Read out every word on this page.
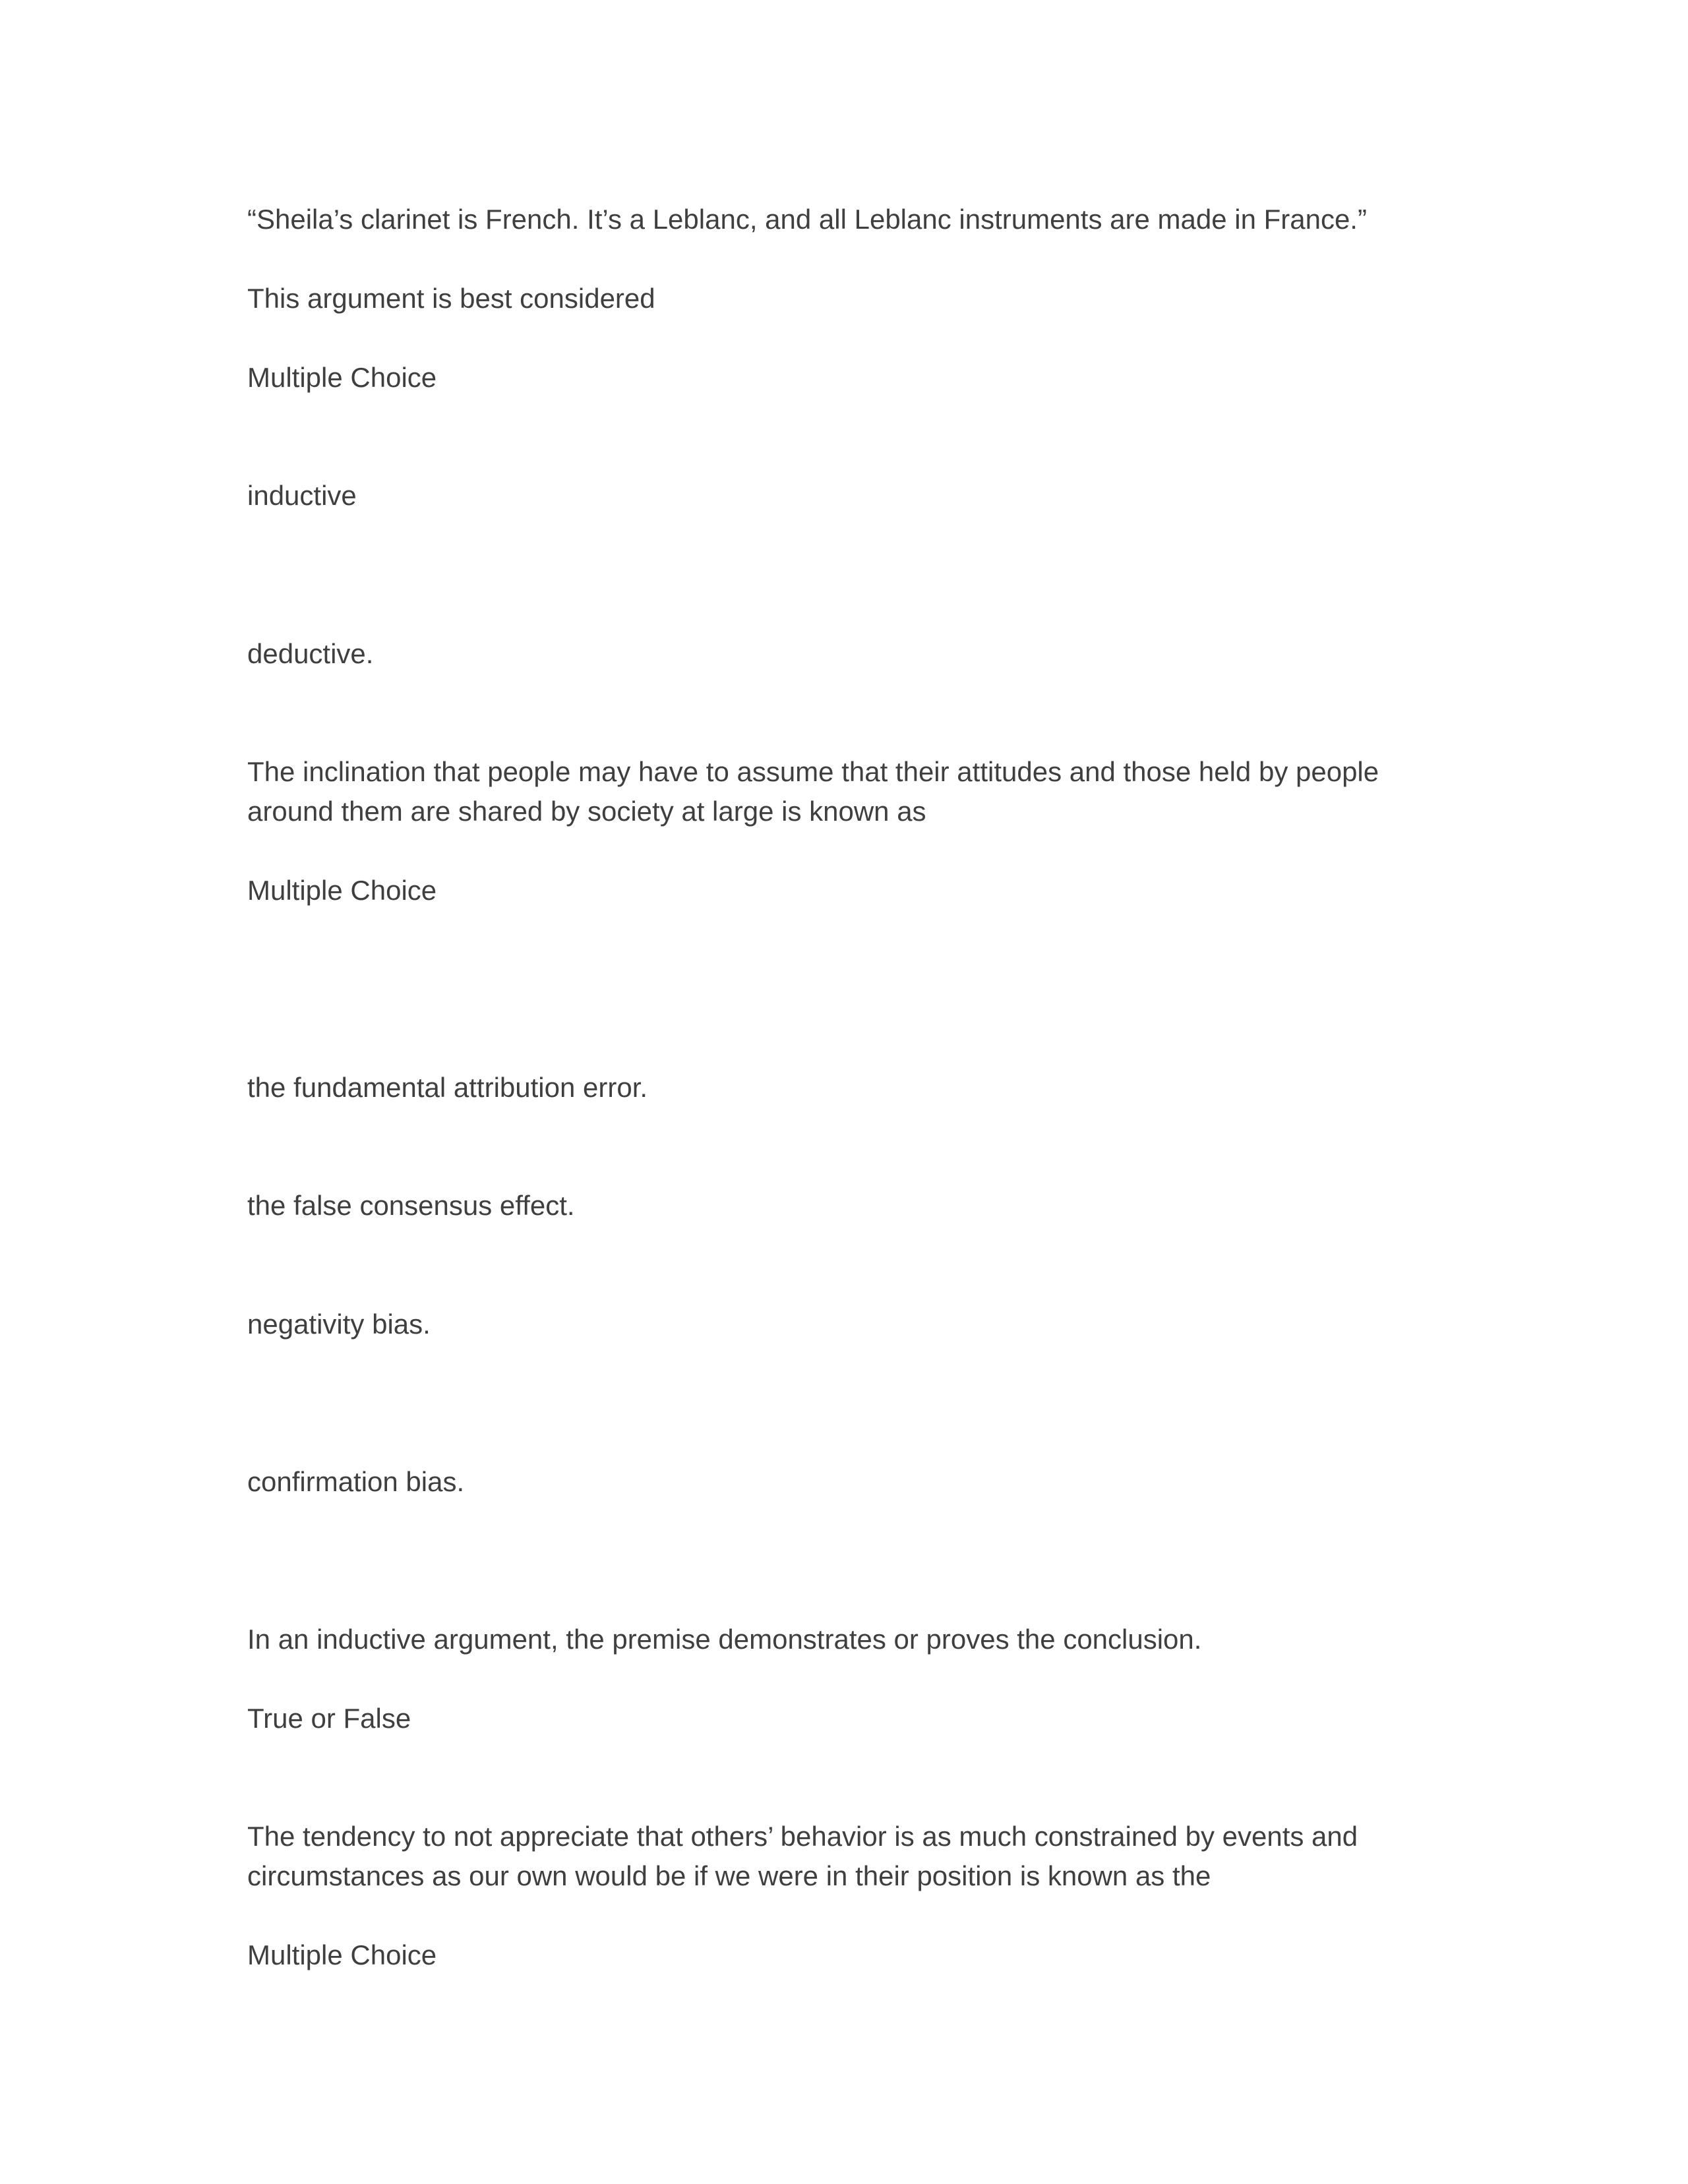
“Sheila’s clarinet is French. It’s a Leblanc, and all Leblanc instruments are made in France.”

This argument is best considered

Multiple Choice

inductive

deductive.

The inclination that people may have to assume that their attitudes and those held by people

around them are shared by society at large is known as

Multiple Choice

the fundamental attribution error.

the false consensus effect.

negativity bias.

confirmation bias.

In an inductive argument, the premise demonstrates or proves the conclusion.

True or False

The tendency to not appreciate that others’ behavior is as much constrained by events and

circumstances as our own would be if we were in their position is known as the

Multiple Choice
